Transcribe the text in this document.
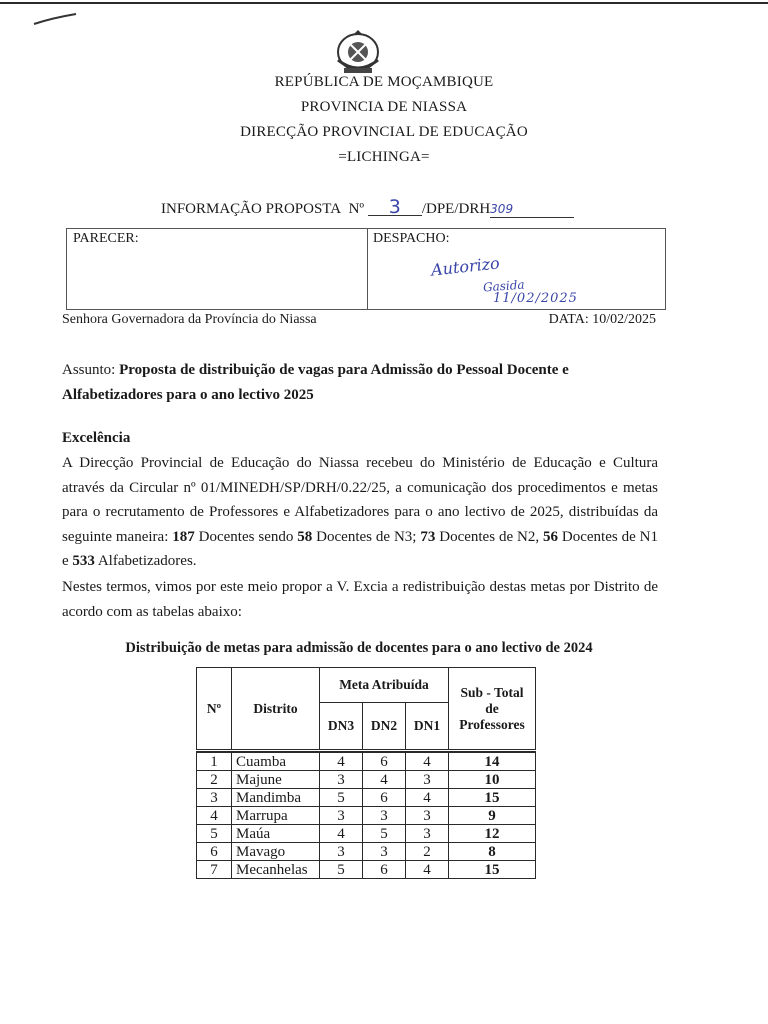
REPÚBLICA DE MOÇAMBIQUE
PROVINCIA DE NIASSA
DIRECÇÃO PROVINCIAL DE EDUCAÇÃO
=LICHINGA=
INFORMAÇÃO PROPOSTA Nº 3 /DPE/DRH309
PARECER:	DESPACHO:
Autorizo
Gasida
11/02/2025
Senhora Governadora da Província do Niassa	DATA: 10/02/2025
Assunto: Proposta de distribuição de vagas para Admissão do Pessoal Docente e Alfabetizadores para o ano lectivo 2025
Excelência
A Direcção Provincial de Educação do Niassa recebeu do Ministério de Educação e Cultura através da Circular nº 01/MINEDH/SP/DRH/0.22/25, a comunicação dos procedimentos e metas para o recrutamento de Professores e Alfabetizadores para o ano lectivo de 2025, distribuídas da seguinte maneira: 187 Docentes sendo 58 Docentes de N3; 73 Docentes de N2, 56 Docentes de N1 e 533 Alfabetizadores.
Nestes termos, vimos por este meio propor a V. Excia a redistribuição destas metas por Distrito de acordo com as tabelas abaixo:
Distribuição de metas para admissão de docentes para o ano lectivo de 2024
Nº	Distrito	Meta Atribuída			Sub - Total
de
Professores

		DN3	DN2	DN1	

1	Cuamba	4	6	4	14
2	Majune	3	4	3	10
3	Mandimba	5	6	4	15
4	Marrupa	3	3	3	9
5	Maúa	4	5	3	12
6	Mavago	3	3	2	8
7	Mecanhelas	5	6	4	15
